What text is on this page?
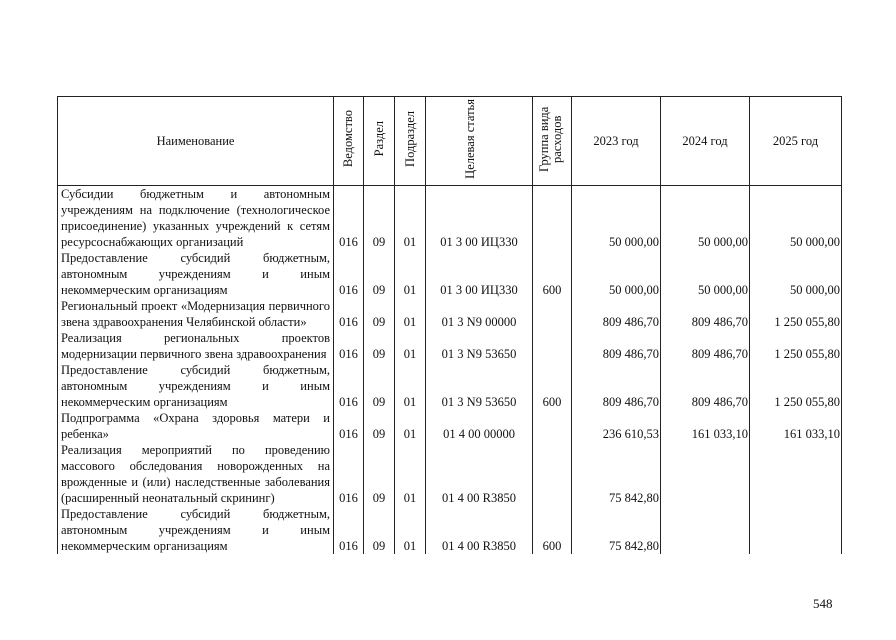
Наименование	Ведомство	Раздел	Подраздел	Целевая статья	Группа вида расходов	2023 год	2024 год	2025 год
Субсидии бюджетным и автономным учреждениям на подключение (технологическое присоединение) указанных учреждений к сетям ресурсоснабжающих организаций	016	09	01	01 3 00 ИЦ330		50 000,00	50 000,00	50 000,00
Предоставление субсидий бюджетным, автономным учреждениям и иным некоммерческим организациям	016	09	01	01 3 00 ИЦ330	600	50 000,00	50 000,00	50 000,00
Региональный проект «Модернизация первичного звена здравоохранения Челябинской области»	016	09	01	01 3 N9 00000		809 486,70	809 486,70	1 250 055,80
Реализация региональных проектов модернизации первичного звена здравоохранения	016	09	01	01 3 N9 53650		809 486,70	809 486,70	1 250 055,80
Предоставление субсидий бюджетным, автономным учреждениям и иным некоммерческим организациям	016	09	01	01 3 N9 53650	600	809 486,70	809 486,70	1 250 055,80
Подпрограмма «Охрана здоровья матери и ребенка»	016	09	01	01 4 00 00000		236 610,53	161 033,10	161 033,10
Реализация мероприятий по проведению массового обследования новорожденных на врожденные и (или) наследственные заболевания (расширенный неонатальный скрининг)	016	09	01	01 4 00 R3850		75 842,80		
Предоставление субсидий бюджетным, автономным учреждениям и иным некоммерческим организациям	016	09	01	01 4 00 R3850	600	75 842,80		
548
